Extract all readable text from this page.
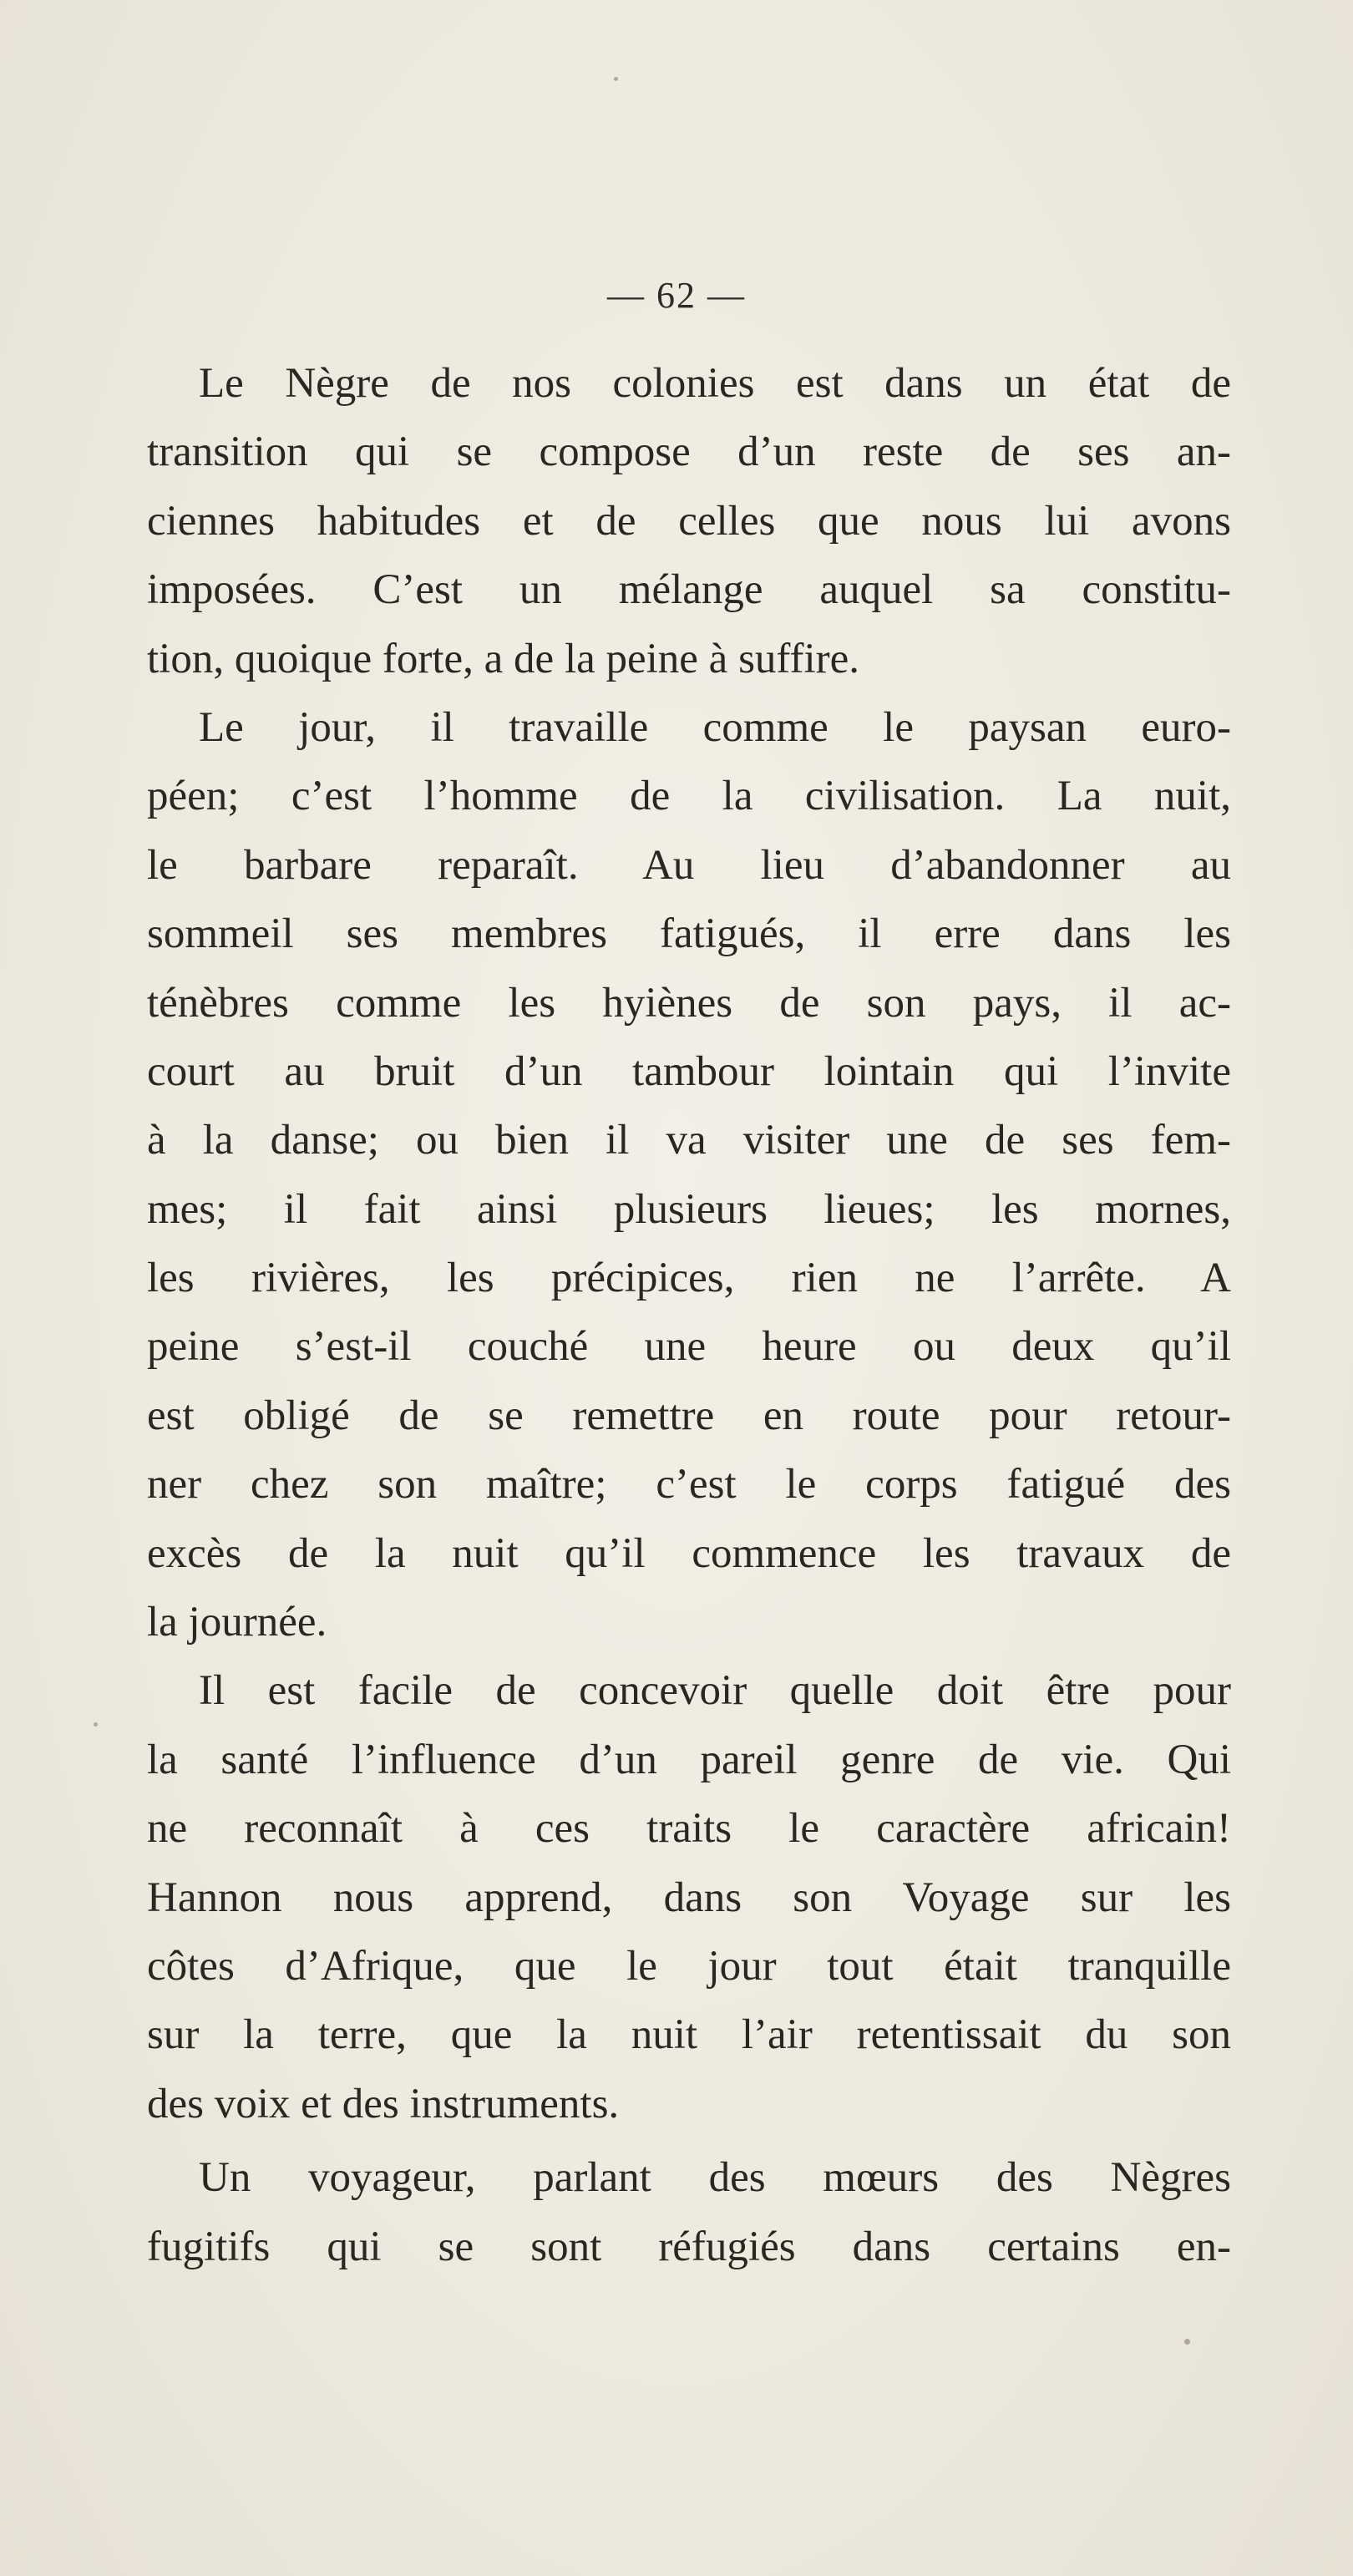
— 62 —
Le Nègre de nos colonies est dans un état de
transition qui se compose d’un reste de ses an-
ciennes habitudes et de celles que nous lui avons
imposées. C’est un mélange auquel sa constitu-
tion, quoique forte, a de la peine à suffire.
Le jour, il travaille comme le paysan euro-
péen; c’est l’homme de la civilisation. La nuit,
le barbare reparaît. Au lieu d’abandonner au
sommeil ses membres fatigués, il erre dans les
ténèbres comme les hyiènes de son pays, il ac-
court au bruit d’un tambour lointain qui l’invite
à la danse; ou bien il va visiter une de ses fem-
mes; il fait ainsi plusieurs lieues; les mornes,
les rivières, les précipices, rien ne l’arrête. A
peine s’est-il couché une heure ou deux qu’il
est obligé de se remettre en route pour retour-
ner chez son maître; c’est le corps fatigué des
excès de la nuit qu’il commence les travaux de
la journée.
Il est facile de concevoir quelle doit être pour
la santé l’influence d’un pareil genre de vie. Qui
ne reconnaît à ces traits le caractère africain!
Hannon nous apprend, dans son Voyage sur les
côtes d’Afrique, que le jour tout était tranquille
sur la terre, que la nuit l’air retentissait du son
des voix et des instruments.
Un voyageur, parlant des mœurs des Nègres
fugitifs qui se sont réfugiés dans certains en-
